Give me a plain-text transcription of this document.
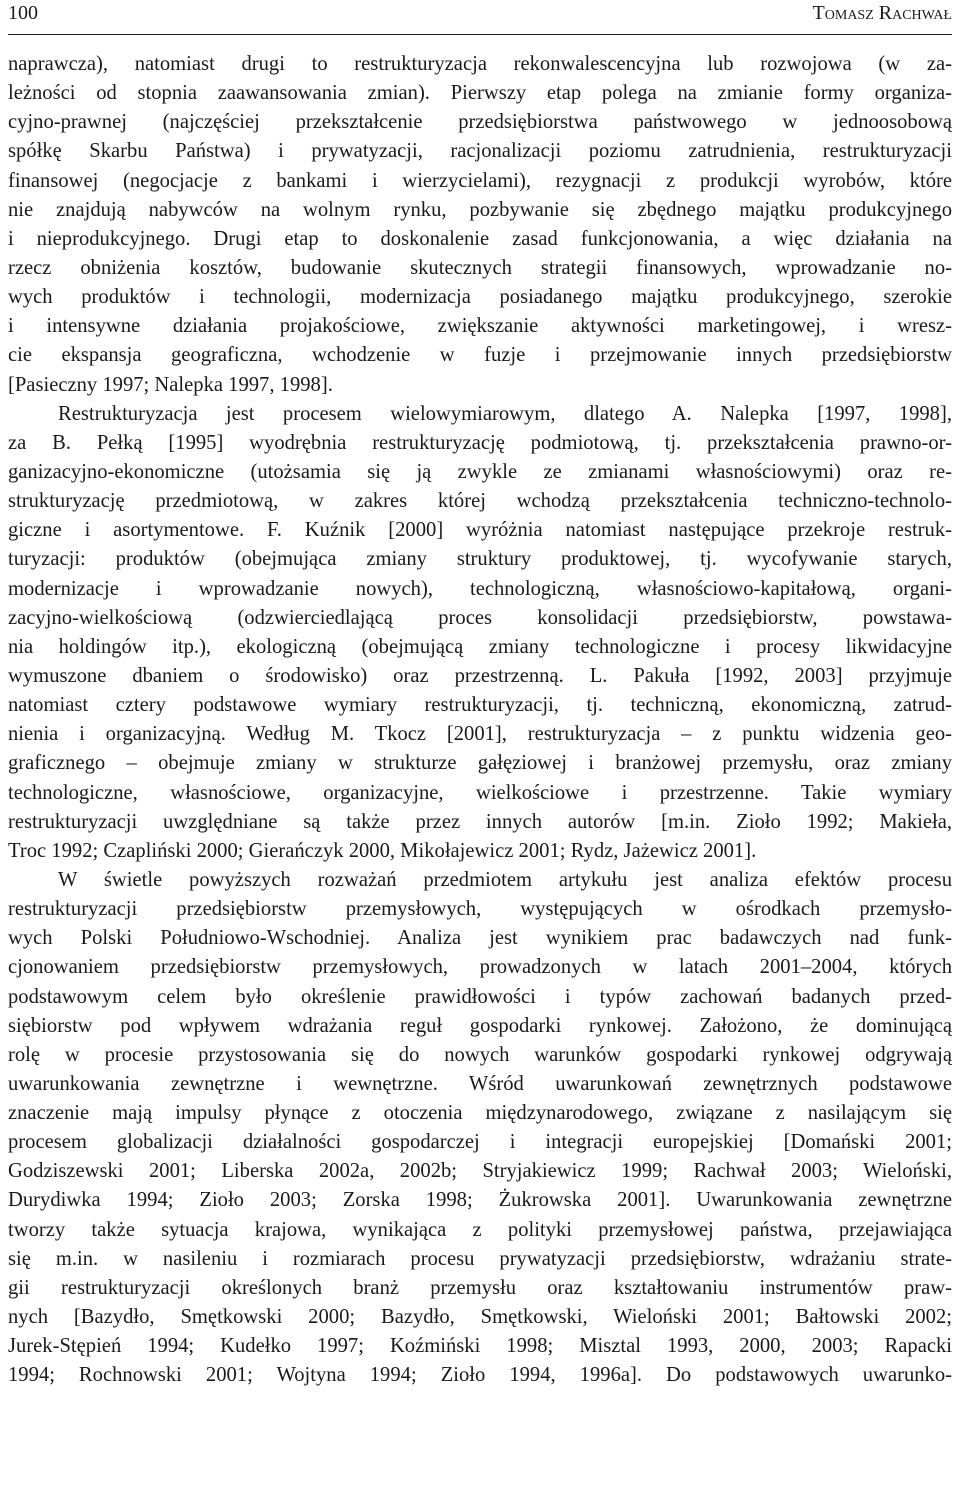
100	Tomasz Rachwał
naprawcza), natomiast drugi to restrukturyzacja rekonwalescencyjna lub rozwojowa (w za-
leżności od stopnia zaawansowania zmian). Pierwszy etap polega na zmianie formy organiza-
cyjno-prawnej (najczęściej przekształcenie przedsiębiorstwa państwowego w jednoosobową
spółkę Skarbu Państwa) i prywatyzacji, racjonalizacji poziomu zatrudnienia, restrukturyzacji
finansowej (negocjacje z bankami i wierzycielami), rezygnacji z produkcji wyrobów, które
nie znajdują nabywców na wolnym rynku, pozbywanie się zbędnego majątku produkcyjnego
i nieprodukcyjnego. Drugi etap to doskonalenie zasad funkcjonowania, a więc działania na
rzecz obniżenia kosztów, budowanie skutecznych strategii finansowych, wprowadzanie no-
wych produktów i technologii, modernizacja posiadanego majątku produkcyjnego, szerokie
i intensywne działania projakościowe, zwiększanie aktywności marketingowej, i wresz-
cie ekspansja geograficzna, wchodzenie w fuzje i przejmowanie innych przedsiębiorstw
[Pasieczny 1997; Nalepka 1997, 1998].
Restrukturyzacja jest procesem wielowymiarowym, dlatego A. Nalepka [1997, 1998],
za B. Pełką [1995] wyodrębnia restrukturyzację podmiotową, tj. przekształcenia prawno-or-
ganizacyjno-ekonomiczne (utożsamia się ją zwykle ze zmianami własnościowymi) oraz re-
strukturyzację przedmiotową, w zakres której wchodzą przekształcenia techniczno-technolo-
giczne i asortymentowe. F. Kuźnik [2000] wyróżnia natomiast następujące przekroje restruk-
turyzacji: produktów (obejmująca zmiany struktury produktowej, tj. wycofywanie starych,
modernizacje i wprowadzanie nowych), technologiczną, własnościowo-kapitałową, organi-
zacyjno-wielkościową (odzwierciedlającą proces konsolidacji przedsiębiorstw, powstawa-
nia holdingów itp.), ekologiczną (obejmującą zmiany technologiczne i procesy likwidacyjne
wymuszone dbaniem o środowisko) oraz przestrzenną. L. Pakuła [1992, 2003] przyjmuje
natomiast cztery podstawowe wymiary restrukturyzacji, tj. techniczną, ekonomiczną, zatrud-
nienia i organizacyjną. Według M. Tkocz [2001], restrukturyzacja – z punktu widzenia geo-
graficznego – obejmuje zmiany w strukturze gałęziowej i branżowej przemysłu, oraz zmiany
technologiczne, własnościowe, organizacyjne, wielkościowe i przestrzenne. Takie wymiary
restrukturyzacji uwzględniane są także przez innych autorów [m.in. Zioło 1992; Makieła,
Troc 1992; Czapliński 2000; Gierańczyk 2000, Mikołajewicz 2001; Rydz, Jażewicz 2001].
W świetle powyższych rozważań przedmiotem artykułu jest analiza efektów procesu
restrukturyzacji przedsiębiorstw przemysłowych, występujących w ośrodkach przemysło-
wych Polski Południowo-Wschodniej. Analiza jest wynikiem prac badawczych nad funk-
cjonowaniem przedsiębiorstw przemysłowych, prowadzonych w latach 2001–2004, których
podstawowym celem było określenie prawidłowości i typów zachowań badanych przed-
siębiorstw pod wpływem wdrażania reguł gospodarki rynkowej. Założono, że dominującą
rolę w procesie przystosowania się do nowych warunków gospodarki rynkowej odgrywają
uwarunkowania zewnętrzne i wewnętrzne. Wśród uwarunkowań zewnętrznych podstawowe
znaczenie mają impulsy płynące z otoczenia międzynarodowego, związane z nasilającym się
procesem globalizacji działalności gospodarczej i integracji europejskiej [Domański 2001;
Godziszewski 2001; Liberska 2002a, 2002b; Stryjakiewicz 1999; Rachwał 2003; Wieloński,
Durydiwka 1994; Zioło 2003; Zorska 1998; Żukrowska 2001]. Uwarunkowania zewnętrzne
tworzy także sytuacja krajowa, wynikająca z polityki przemysłowej państwa, przejawiająca
się m.in. w nasileniu i rozmiarach procesu prywatyzacji przedsiębiorstw, wdrażaniu strate-
gii restrukturyzacji określonych branż przemysłu oraz kształtowaniu instrumentów praw-
nych [Bazydło, Smętkowski 2000; Bazydło, Smętkowski, Wieloński 2001; Bałtowski 2002;
Jurek-Stępień 1994; Kudełko 1997; Koźmiński 1998; Misztal 1993, 2000, 2003; Rapacki
1994; Rochnowski 2001; Wojtyna 1994; Zioło 1994, 1996a]. Do podstawowych uwarunko-
